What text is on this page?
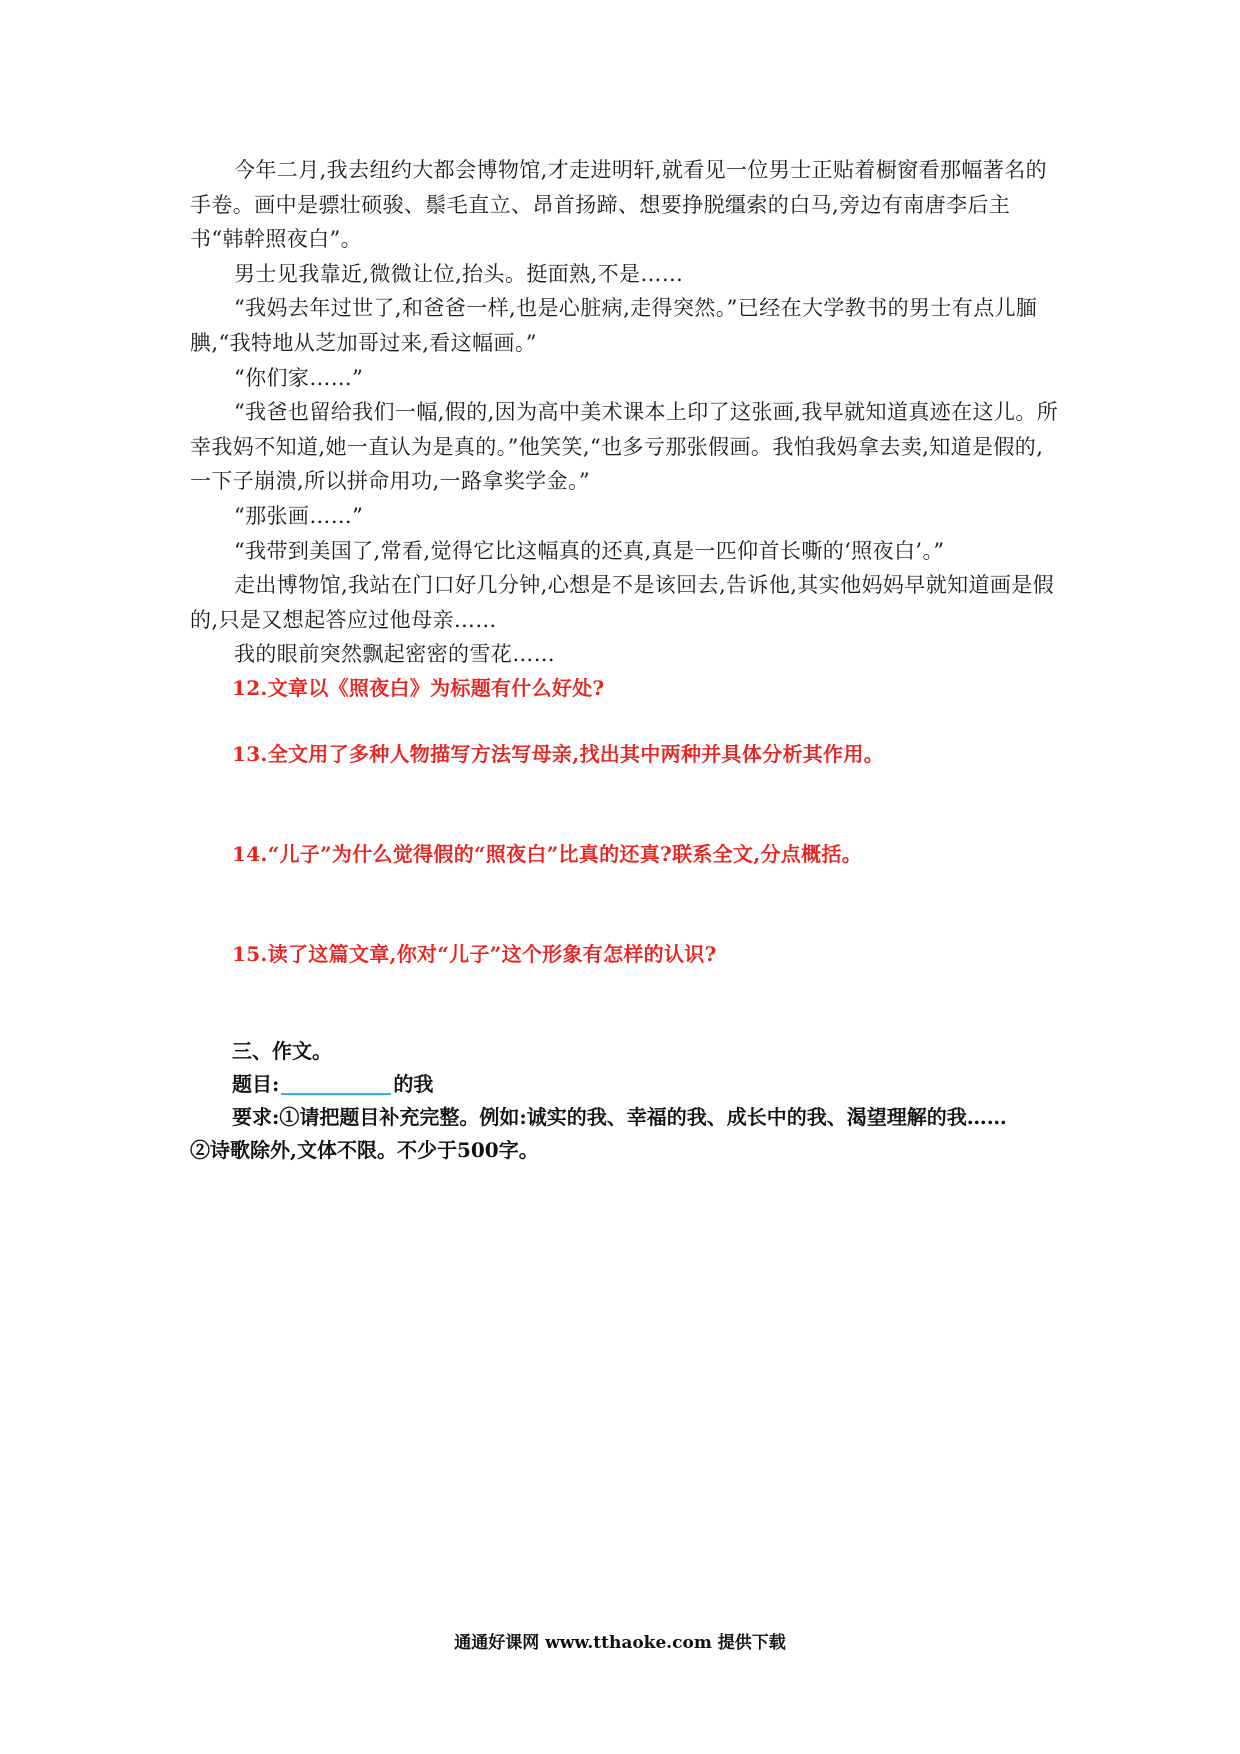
今年二月,我去纽约大都会博物馆,才走进明轩,就看见一位男士正贴着橱窗看那幅著名的手卷。画中是骠壮硕骏、鬃毛直立、昂首扬蹄、想要挣脱缰索的白马,旁边有南唐李后主书“韩幹照夜白”。

男士见我靠近,微微让位,抬头。挺面熟,不是……

“我妈去年过世了,和爸爸一样,也是心脏病,走得突然。”已经在大学教书的男士有点儿腼腆,“我特地从芝加哥过来,看这幅画。”

“你们家……”

“我爸也留给我们一幅,假的,因为高中美术课本上印了这张画,我早就知道真迹在这儿。所幸我妈不知道,她一直认为是真的。”他笑笑,“也多亏那张假画。我怕我妈拿去卖,知道是假的,一下子崩溃,所以拼命用功,一路拿奖学金。”

“那张画……”

“我带到美国了,常看,觉得它比这幅真的还真,真是一匹仰首长嘶的‘照夜白’。”

走出博物馆,我站在门口好几分钟,心想是不是该回去,告诉他,其实他妈妈早就知道画是假的,只是又想起答应过他母亲……

我的眼前突然飘起密密的雪花……

12.文章以《照夜白》为标题有什么好处?
13.全文用了多种人物描写方法写母亲,找出其中两种并具体分析其作用。
14.“儿子”为什么觉得假的“照夜白”比真的还真?联系全文,分点概括。
15.读了这篇文章,你对“儿子”这个形象有怎样的认识?
三、作文。
题目:	的我
要求:①请把题目补充完整。例如:诚实的我、幸福的我、成长中的我、渴望理解的我……
②诗歌除外,文体不限。不少于500字。
通通好课网 www.tthaoke.com 提供下载
